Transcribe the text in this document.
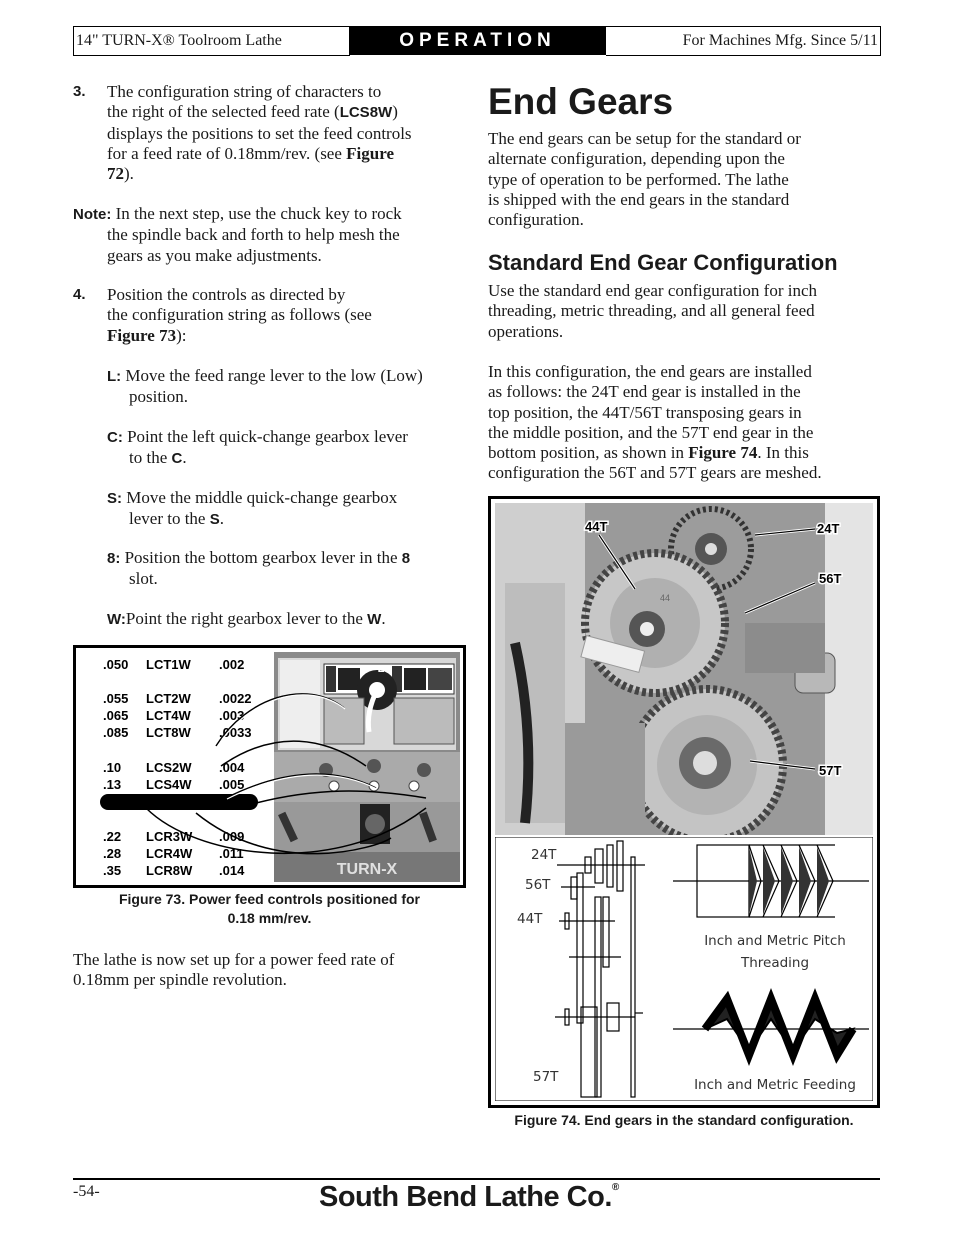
14" TURN-X® Toolroom Lathe	OPERATION	For Machines Mfg. Since 5/11
3. The configuration string of characters to
the right of the selected feed rate (LCS8W)
displays the positions to set the feed controls
for a feed rate of 0.18mm/rev. (see Figure
72).
Note: In the next step, use the chuck key to rock
the spindle back and forth to help mesh the
gears as you make adjustments.
4. Position the controls as directed by
the configuration string as follows (see
Figure 73):
L: Move the feed range lever to the low (Low)
position.
C: Point the left quick-change gearbox lever
to the C.
S: Move the middle quick-change gearbox
lever to the S.
8: Position the bottom gearbox lever in the 8
slot.
W:Point the right gearbox lever to the W.
.050 LCT1W .002
.055 LCT2W .0022
.065 LCT4W .003
.085 LCT8W .0033
.10 LCS2W .004
.13 LCS4W .005
.22 LCR3W .009
.28 LCR4W .011
.35 LCR8W .014	TURN-X
H • L
Figure 73. Power feed controls positioned for
0.18 mm/rev.
The lathe is now set up for a power feed rate of
0.18mm per spindle revolution.
End Gears
The end gears can be setup for the standard or
alternate configuration, depending upon the
type of operation to be performed. The lathe
is shipped with the end gears in the standard
configuration.
Standard End Gear Configuration
Use the standard end gear configuration for inch
threading, metric threading, and all general feed
operations.
In this configuration, the end gears are installed
as follows: the 24T end gear is installed in the
top position, the 44T/56T transposing gears in
the middle position, and the 57T end gear in the
bottom position, as shown in Figure 74. In this
configuration the 56T and 57T gears are meshed.
44
44T	24T
56T
57T
24T
56T
44T
57T
Inch and Metric Pitch
Threading
Inch and Metric Feeding
Figure 74. End gears in the standard configuration.
-54-	South Bend Lathe Co.®
